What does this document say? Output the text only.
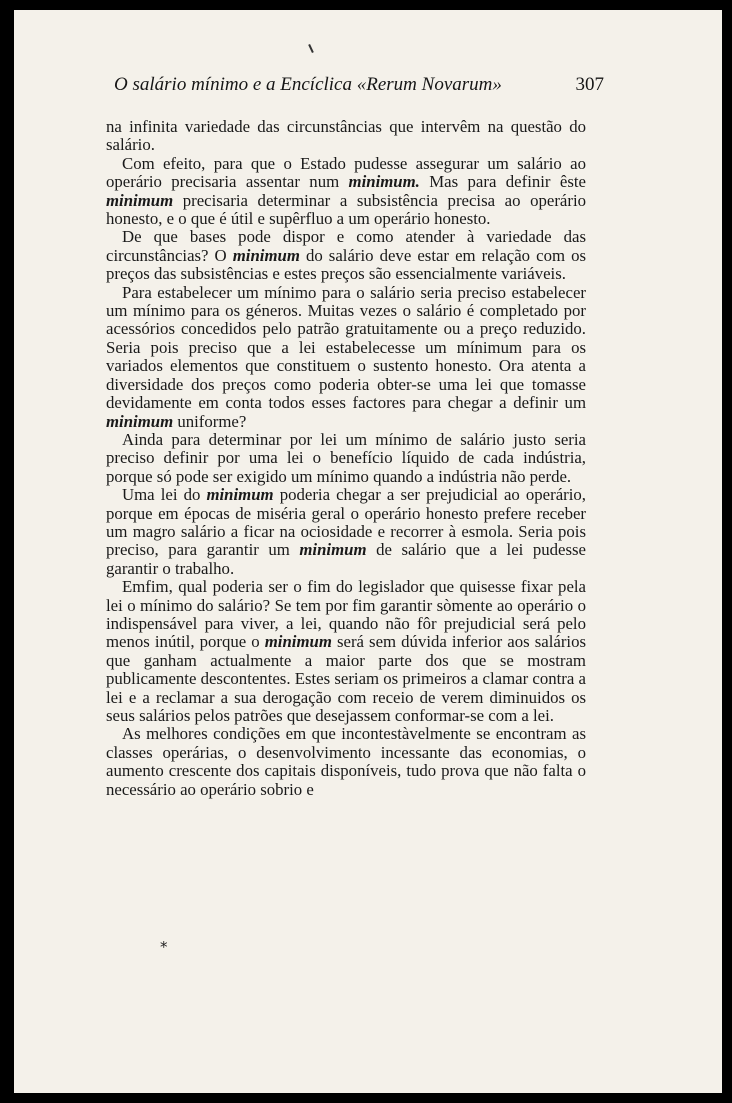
O salário mínimo e a Encíclica «Rerum Novarum»	307

na infinita variedade das circunstâncias que intervêm na questão do salário.

Com efeito, para que o Estado pudesse assegurar um salário ao operário precisaria assentar num minimum. Mas para definir êste minimum precisaria determinar a subsistência precisa ao operário honesto, e o que é útil e supêrfluo a um operário honesto.

De que bases pode dispor e como atender à variedade das circunstâncias? O minimum do salário deve estar em relação com os preços das subsistências e estes preços são essencialmente variáveis.

Para estabelecer um mínimo para o salário seria preciso estabelecer um mínimo para os géneros. Muitas vezes o salário é completado por acessórios concedidos pelo patrão gratuitamente ou a preço reduzido. Seria pois preciso que a lei estabelecesse um mínimum para os variados elementos que constituem o sustento honesto. Ora atenta a diversidade dos preços como poderia obter-se uma lei que tomasse devidamente em conta todos esses factores para chegar a definir um minimum uniforme?

Ainda para determinar por lei um mínimo de salário justo seria preciso definir por uma lei o benefício líquido de cada indústria, porque só pode ser exigido um mínimo quando a indústria não perde.

Uma lei do minimum poderia chegar a ser prejudicial ao operário, porque em épocas de miséria geral o operário honesto prefere receber um magro salário a ficar na ociosidade e recorrer à esmola. Seria pois preciso, para garantir um minimum de salário que a lei pudesse garantir o trabalho.

Emfim, qual poderia ser o fim do legislador que quisesse fixar pela lei o mínimo do salário? Se tem por fim garantir sòmente ao operário o indispensável para viver, a lei, quando não fôr prejudicial será pelo menos inútil, porque o minimum será sem dúvida inferior aos salários que ganham actualmente a maior parte dos que se mostram publicamente descontentes. Estes seriam os primeiros a clamar contra a lei e a reclamar a sua derogação com receio de verem diminuidos os seus salários pelos patrões que desejassem conformar-se com a lei.

As melhores condições em que incontestàvelmente se encontram as classes operárias, o desenvolvimento incessante das economias, o aumento crescente dos capitais disponíveis, tudo prova que não falta o necessário ao operário sobrio e

*
